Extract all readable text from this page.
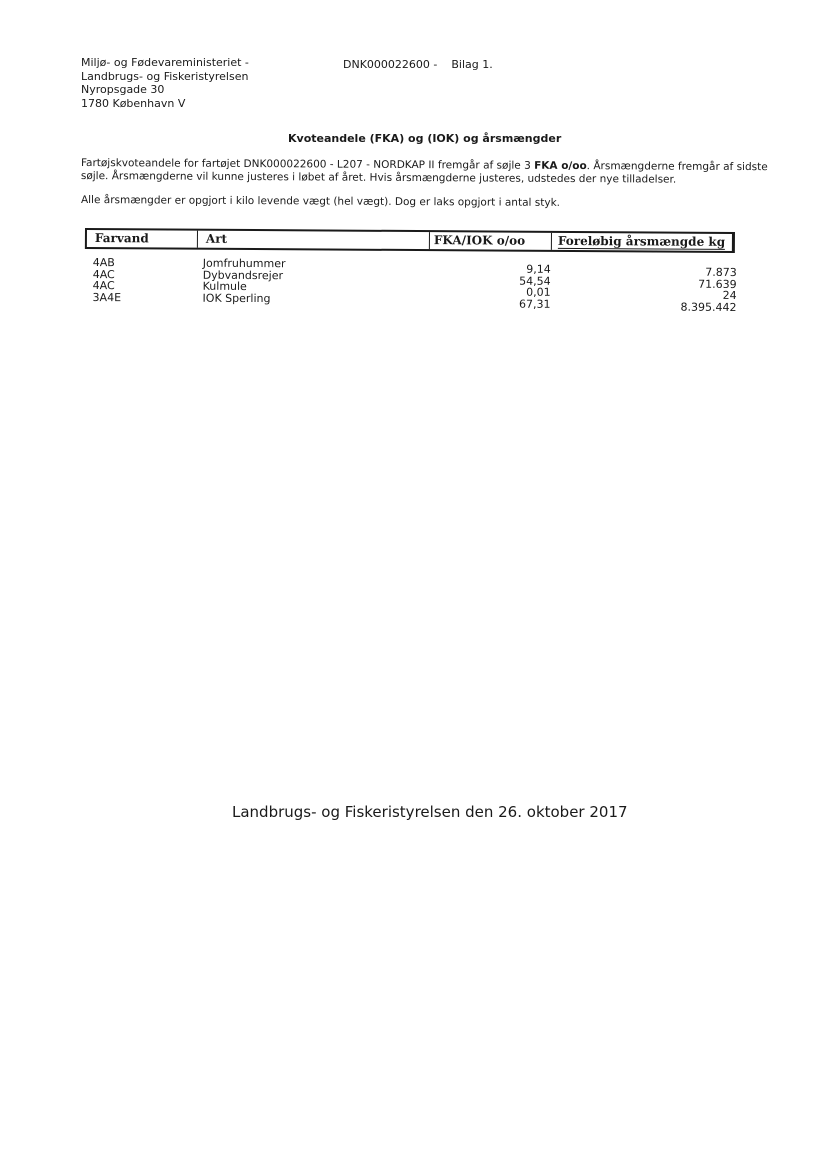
Miljø- og Fødevareministeriet -
Landbrugs- og Fiskeristyrelsen
Nyropsgade 30
1780 København V
DNK000022600 - Bilag 1.
Kvoteandele (FKA) og (IOK) og årsmængder
Fartøjskvoteandele for fartøjet DNK000022600 - L207 - NORDKAP II fremgår af søjle 3 FKA o/oo. Årsmængderne fremgår af sidste søjle. Årsmængderne vil kunne justeres i løbet af året. Hvis årsmængderne justeres, udstedes der nye tilladelser.
Alle årsmængder er opgjort i kilo levende vægt (hel vægt). Dog er laks opgjort i antal styk.
Farvand	Art	FKA/IOK o/oo	Foreløbig årsmængde kg
4AB	Jomfruhummer	9,14	7.873
4AC	Dybvandsrejer	54,54	71.639
4AC	Kulmule	0,01	24
3A4E	IOK Sperling	67,31	8.395.442
Landbrugs- og Fiskeristyrelsen den 26. oktober 2017
